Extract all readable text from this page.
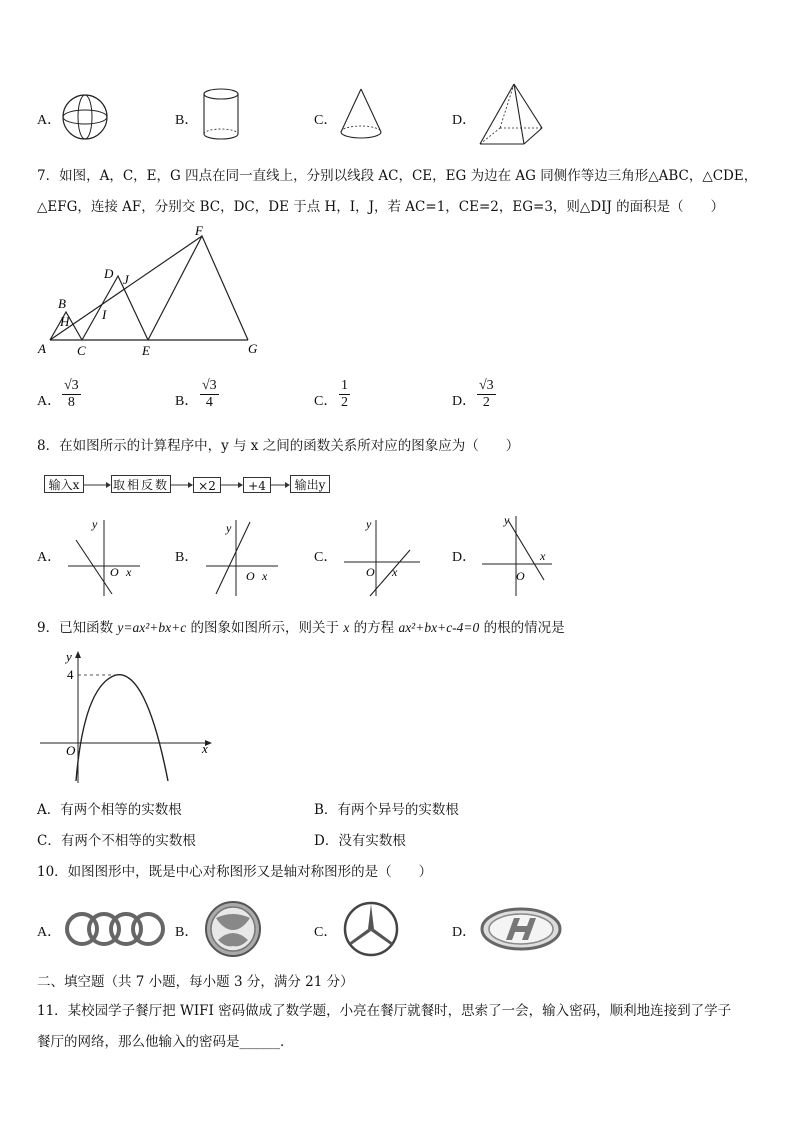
A．	B．	C．	D．
7．如图，A，C，E，G 四点在同一直线上，分别以线段 AC，CE，EG 为边在 AG 同侧作等边三角形△ABC，△CDE，
△EFG，连接 AF，分别交 BC，DC，DE 于点 H，I，J，若 AC=1，CE=2，EG=3，则△DIJ 的面积是（　　）
A
B
H
C
I
D J
E
F
G
A． $\frac{√3}{8}$	B． $\frac{√3}{4}$	C． $\frac{1}{2}$	D． $\frac{√3}{2}$
8．在如图所示的计算程序中，y 与 x 之间的函数关系所对应的图象应为（　　）
输入x	取相反数	×2	+4	输出y
A．
y
O x
B．
y
O x
C．
y
O x
D．
y
O
x
9．已知函数 y=ax²+bx+c 的图象如图所示，则关于 x 的方程 ax²+bx+c-4=0 的根的情况是
y
4
O	x
A．有两个相等的实数根	B．有两个异号的实数根
C．有两个不相等的实数根	D．没有实数根
10．如图图形中，既是中心对称图形又是轴对称图形的是（　　）
A．	B．	C．	D．
二、填空题（共 7 小题，每小题 3 分，满分 21 分）
11．某校园学子餐厅把 WIFI 密码做成了数学题，小亮在餐厅就餐时，思索了一会，输入密码，顺利地连接到了学子
餐厅的网络，那么他输入的密码是______．
